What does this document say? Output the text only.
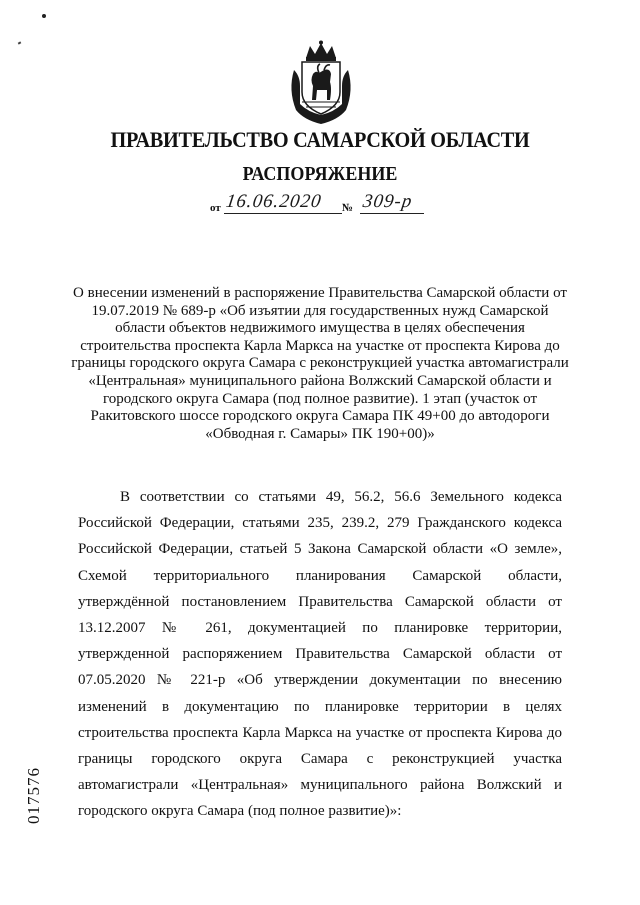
ПРАВИТЕЛЬСТВО САМАРСКОЙ ОБЛАСТИ
РАСПОРЯЖЕНИЕ
от 16.06.2020 № 309-р
О внесении изменений в распоряжение Правительства Самарской области от 19.07.2019 № 689-р «Об изъятии для государственных нужд Самарской области объектов недвижимого имущества в целях обеспечения строительства проспекта Карла Маркса на участке от проспекта Кирова до границы городского округа Самара с реконструкцией участка автомагистрали «Центральная» муниципального района Волжский Самарской области и городского округа Самара (под полное развитие). 1 этап (участок от Ракитовского шоссе городского округа Самара ПК 49+00 до автодороги «Обводная г. Самары» ПК 190+00)»
В соответствии со статьями 49, 56.2, 56.6 Земельного кодекса Российской Федерации, статьями 235, 239.2, 279 Гражданского кодекса Российской Федерации, статьей 5 Закона Самарской области «О земле», Схемой территориального планирования Самарской области, утверждённой постановлением Правительства Самарской области от 13.12.2007 № 261, документацией по планировке территории, утвержденной распоряжением Правительства Самарской области от 07.05.2020 № 221-р «Об утверждении документации по внесению изменений в документацию по планировке территории в целях строительства проспекта Карла Маркса на участке от проспекта Кирова до границы городского округа Самара с реконструкцией участка автомагистрали «Центральная» муниципального района Волжский и городского округа Самара (под полное развитие)»:
017576
